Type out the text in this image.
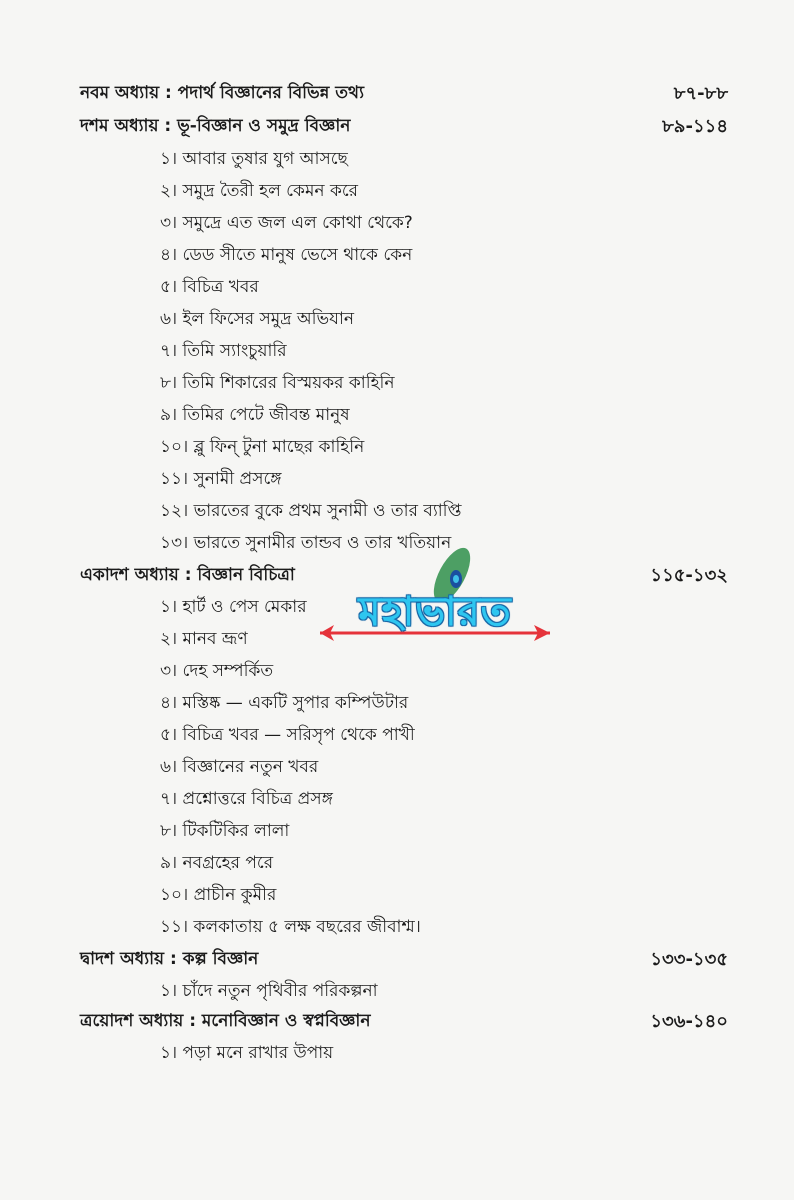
নবম অধ্যায় : পদার্থ বিজ্ঞানের বিভিন্ন তথ্য	৮৭-৮৮
দশম অধ্যায় : ভূ-বিজ্ঞান ও সমুদ্র বিজ্ঞান	৮৯-১১৪
১। আবার তুষার যুগ আসছে
২। সমুদ্র তৈরী হল কেমন করে
৩। সমুদ্রে এত জল এল কোথা থেকে?
৪। ডেড সীতে মানুষ ভেসে থাকে কেন
৫। বিচিত্র খবর
৬। ইল ফিসের সমুদ্র অভিযান
৭। তিমি স্যাংচুয়ারি
৮। তিমি শিকারের বিস্ময়কর কাহিনি
৯। তিমির পেটে জীবন্ত মানুষ
১০। ব্লু ফিন্ টুনা মাছের কাহিনি
১১। সুনামী প্রসঙ্গে
১২। ভারতের বুকে প্রথম সুনামী ও তার ব্যাপ্তি
১৩। ভারতে সুনামীর তান্ডব ও তার খতিয়ান
একাদশ অধ্যায় : বিজ্ঞান বিচিত্রা	১১৫-১৩২
১। হার্ট ও পেস মেকার
২। মানব ভ্রূণ
৩। দেহ সম্পর্কিত
৪। মস্তিষ্ক — একটি সুপার কম্পিউটার
৫। বিচিত্র খবর — সরিসৃপ থেকে পাখী
৬। বিজ্ঞানের নতুন খবর
৭। প্রশ্নোত্তরে বিচিত্র প্রসঙ্গ
৮। টিকটিকির লালা
৯। নবগ্রহের পরে
১০। প্রাচীন কুমীর
১১। কলকাতায় ৫ লক্ষ বছরের জীবাশ্ম।
দ্বাদশ অধ্যায় : কল্প বিজ্ঞান	১৩৩-১৩৫
১। চাঁদে নতুন পৃথিবীর পরিকল্পনা
ত্রয়োদশ অধ্যায় : মনোবিজ্ঞান ও স্বপ্নবিজ্ঞান	১৩৬-১৪০
১। পড়া মনে রাখার উপায়
মহাভারত
